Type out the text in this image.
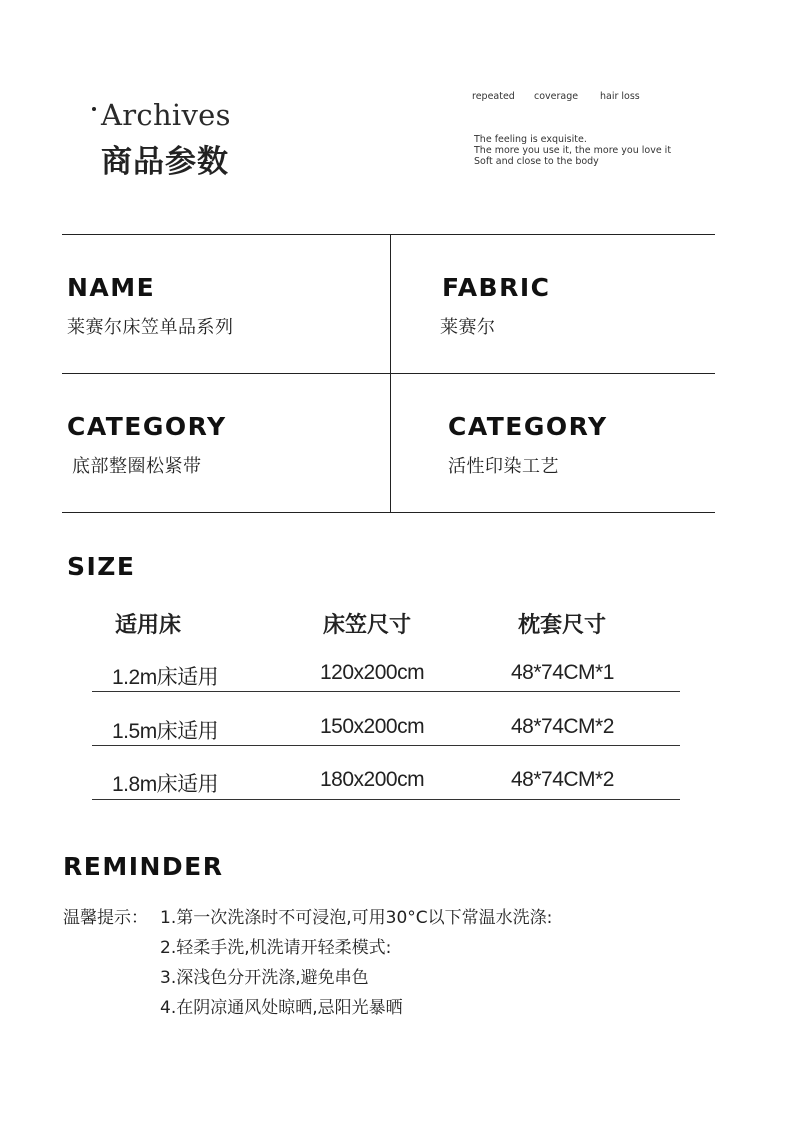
Archives
商品参数
repeated coverage hair loss
The feeling is exquisite.
The more you use it, the more you love it
Soft and close to the body
NAME
莱赛尔床笠单品系列
FABRIC
莱赛尔
CATEGORY
底部整圈松紧带
CATEGORY
活性印染工艺
SIZE
适用床	床笠尺寸	枕套尺寸
1.2m床适用	120x200cm	48*74CM*1
1.5m床适用	150x200cm	48*74CM*2
1.8m床适用	180x200cm	48*74CM*2
REMINDER
温馨提示： 1.第一次洗涤时不可浸泡,可用30°C以下常温水洗涤:
2.轻柔手洗,机洗请开轻柔模式:
3.深浅色分开洗涤,避免串色
4.在阴凉通风处晾晒,忌阳光暴晒
